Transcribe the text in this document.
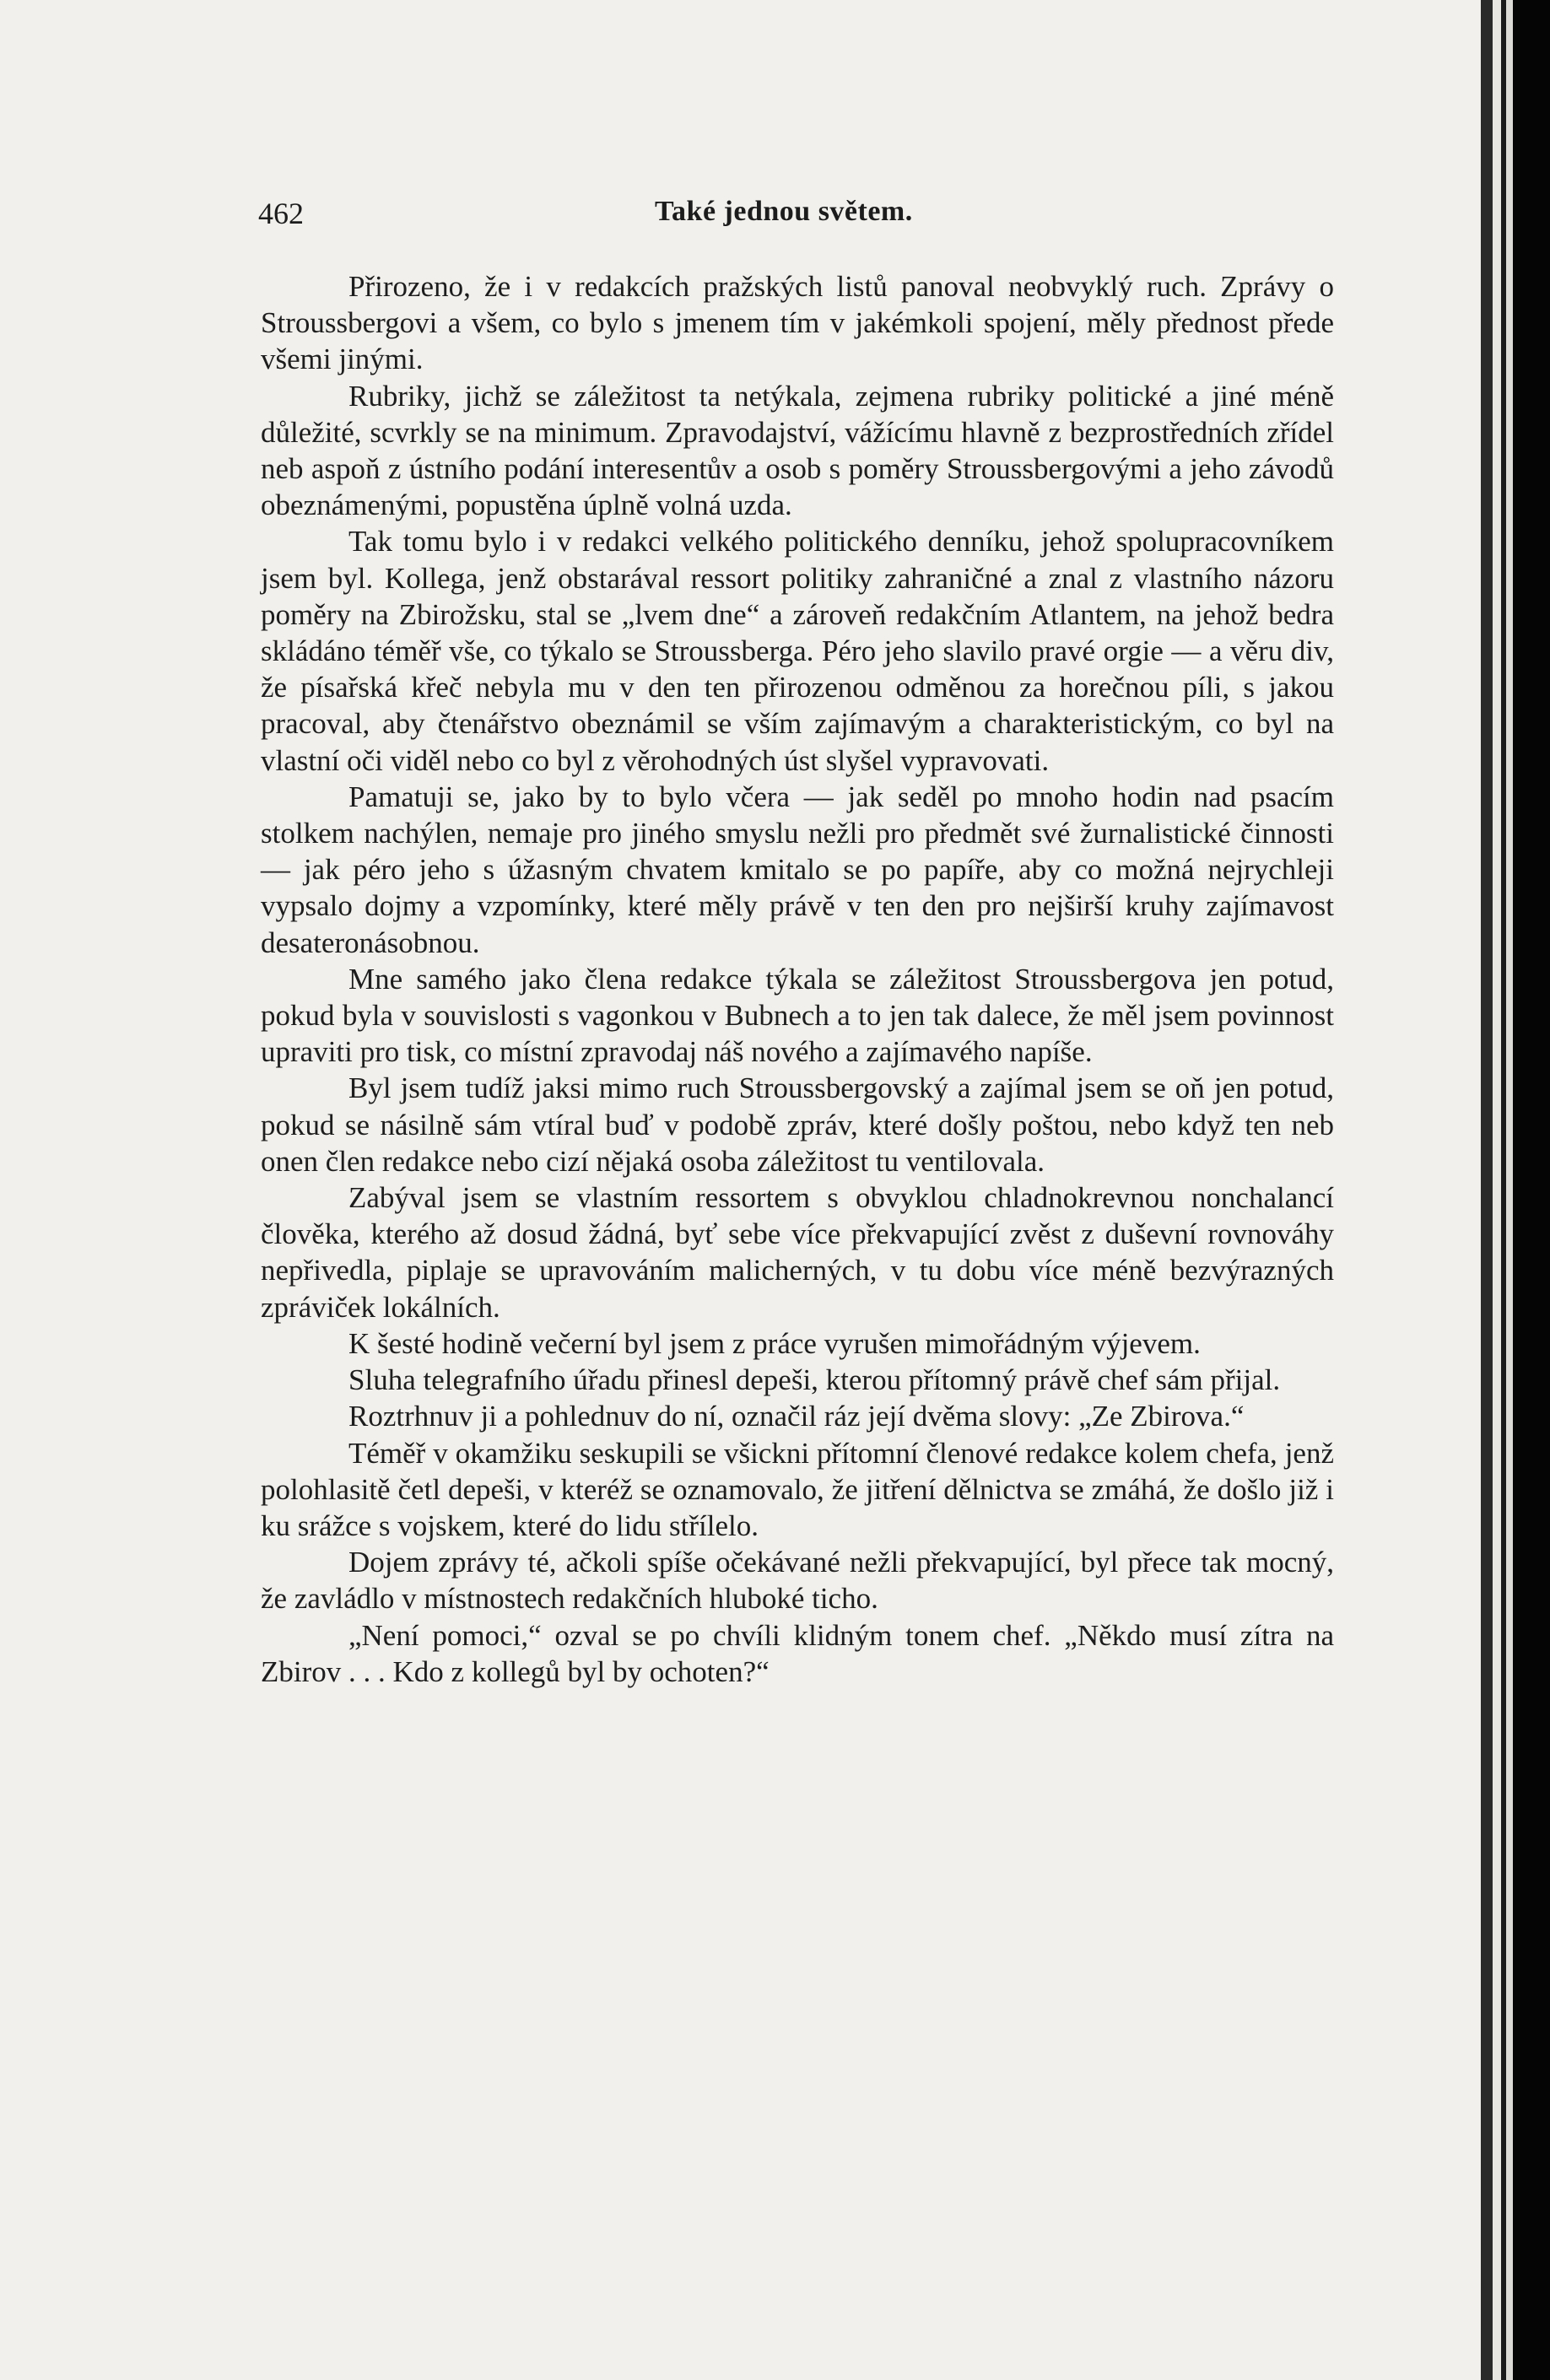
462	Také jednou světem.

Přirozeno, že i v redakcích pražských listů panoval neobvyklý ruch. Zprávy o Stroussbergovi a všem, co bylo s jmenem tím v jakémkoli spojení, měly přednost přede všemi jinými.

Rubriky, jichž se záležitost ta netýkala, zejmena rubriky politické a jiné méně důležité, scvrkly se na minimum. Zpravodajství, vážícímu hlavně z bezprostředních zřídel neb aspoň z ústního podání interesentův a osob s poměry Stroussbergovými a jeho závodů obeznámenými, popustěna úplně volná uzda.

Tak tomu bylo i v redakci velkého politického denníku, jehož spolupracovníkem jsem byl. Kollega, jenž obstarával ressort politiky zahraničné a znal z vlastního názoru poměry na Zbirožsku, stal se „lvem dne“ a zároveň redakčním Atlantem, na jehož bedra skládáno téměř vše, co týkalo se Stroussberga. Péro jeho slavilo pravé orgie — a věru div, že písařská křeč nebyla mu v den ten přirozenou odměnou za horečnou píli, s jakou pracoval, aby čtenářstvo obeznámil se vším zajímavým a charakteristickým, co byl na vlastní oči viděl nebo co byl z věrohodných úst slyšel vypravovati.

Pamatuji se, jako by to bylo včera — jak seděl po mnoho hodin nad psacím stolkem nachýlen, nemaje pro jiného smyslu nežli pro předmět své žurnalistické činnosti — jak péro jeho s úžasným chvatem kmitalo se po papíře, aby co možná nejrychleji vypsalo dojmy a vzpomínky, které měly právě v ten den pro nejširší kruhy zajímavost desateronásobnou.

Mne samého jako člena redakce týkala se záležitost Stroussbergova jen potud, pokud byla v souvislosti s vagonkou v Bubnech a to jen tak dalece, že měl jsem povinnost upraviti pro tisk, co místní zpravodaj náš nového a zajímavého napíše.

Byl jsem tudíž jaksi mimo ruch Stroussbergovský a zajímal jsem se oň jen potud, pokud se násilně sám vtíral buď v podobě zpráv, které došly poštou, nebo když ten neb onen člen redakce nebo cizí nějaká osoba záležitost tu ventilovala.

Zabýval jsem se vlastním ressortem s obvyklou chladnokrevnou nonchalancí člověka, kterého až dosud žádná, byť sebe více překvapující zvěst z duševní rovnováhy nepřivedla, piplaje se upravováním malicherných, v tu dobu více méně bezvýrazných zpráviček lokálních.

K šesté hodině večerní byl jsem z práce vyrušen mimořádným výjevem.

Sluha telegrafního úřadu přinesl depeši, kterou přítomný právě chef sám přijal.

Roztrhnuv ji a pohlednuv do ní, označil ráz její dvěma slovy: „Ze Zbirova.“

Téměř v okamžiku seskupili se všickni přítomní členové redakce kolem chefa, jenž polohlasitě četl depeši, v kteréž se oznamovalo, že jitření dělnictva se zmáhá, že došlo již i ku srážce s vojskem, které do lidu střílelo.

Dojem zprávy té, ačkoli spíše očekávané nežli překvapující, byl přece tak mocný, že zavládlo v místnostech redakčních hluboké ticho.

„Není pomoci,“ ozval se po chvíli klidným tonem chef. „Někdo musí zítra na Zbirov . . . Kdo z kollegů byl by ochoten?“
